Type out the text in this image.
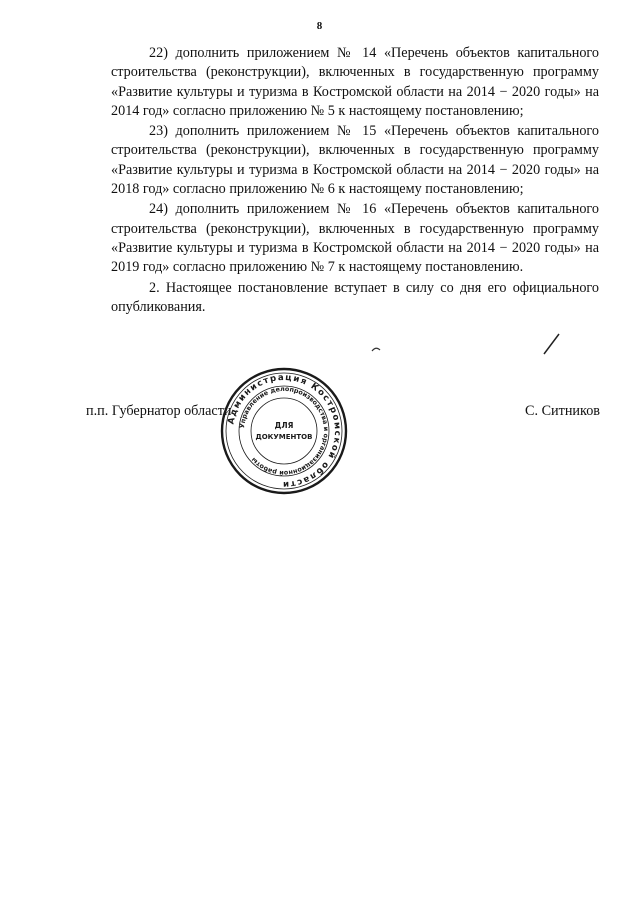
8

22) дополнить приложением № 14 «Перечень объектов капитального строительства (реконструкции), включенных в государственную программу «Развитие культуры и туризма в Костромской области на 2014 − 2020 годы» на 2014 год» согласно приложению № 5 к настоящему постановлению;

23) дополнить приложением № 15 «Перечень объектов капитального строительства (реконструкции), включенных в государственную программу «Развитие культуры и туризма в Костромской области на 2014 − 2020 годы» на 2018 год» согласно приложению № 6 к настоящему постановлению;

24) дополнить приложением № 16 «Перечень объектов капитального строительства (реконструкции), включенных в государственную программу «Развитие культуры и туризма в Костромской области на 2014 − 2020 годы» на 2019 год» согласно приложению № 7 к настоящему постановлению.

2. Настоящее постановление вступает в силу со дня его официального опубликования.

п.п. Губернатор области	С. Ситников
Администрация Костромской области
Управление делопроизводства и организационной работы
ДЛЯ
ДОКУМЕНТОВ
